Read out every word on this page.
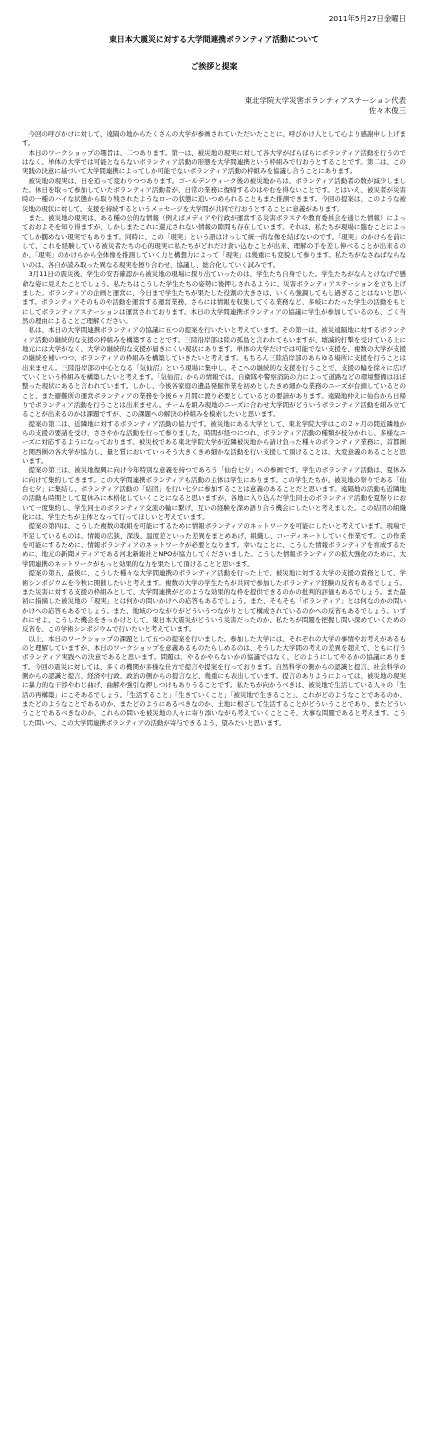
2011年5月27日金曜日
東日本大震災に対する大学間連携ボランティア活動について
ご挨拶と提案
東北学院大学災害ボランティアステーション代表
佐々木俊三

今回の呼びかけに対して、遠隔の地からたくさんの大学が参画されていただいたことに、呼びかけ人として心より感謝申し上げます。

本日のワークショップの趣旨は、二つあります。第一は、被災地の現実に対して各大学がばらばらにボランティア活動を行うのではなく、単体の大学では可能とならないボランティア活動の形態を大学間連携という枠組みで行おうとすることです。第二は、この実践の決意に基づいて大学間連携によってしか可能でないボランティア活動の枠組みを協議し合うことにあります。

被災地の現実は、日を追って変わりつつあります。ゴールデンウィーク後の被災地からは、ボランティア活動者の数が減少しました。休日を取って参加していたボランティア活動者が、日常の業務に復帰するのはやむを得ないことです。とはいえ、被災者が災害時の一種のハイな状態から取り残されたようなローの状態に追いつめられることもまた推測できます。今回の提案は、このような被災地の現状に対して、支援を持続するというメッセージを大学間が共同で行おうとすることに意義があります。

また、被災地の現実は、ある種の公的な情報（例えばメディアや行政が運営する災害ボラステや教育委員会を通じた情報）によっておおよそを知り得ますが、しかしまたこれに還元されない情報の隙間も存在しています。それは、私たちが現場に臨むことによってしか擱めない現実でもあります。同時に、この「現実」という語はけっして統一的な像を結ばないのです。「現実」のかけらを前にして、これを経験している被災者たちの心的現実に私たちがどれだけ食い込むことが出来、理解の手を差し伸べることが出来るのか、「現実」のかけらから全体像を推測していく力と構想力によって「現実」は幾重にも変貌して参ります。私たちがなさねばならないのは、各自が読み取った異なる現実を擦り合わせ、協議し、総合化していく試みです。

3月11日の震災後、学生の安否確認から被災地の現場に探り出ていったのは、学生たち自身でした。学生たちがなんとけなげで懸命な姿に見えたことでしょう。私たちはこうした学生たちの姿勢に後押しされるように、災害ボランティアステーションを立ち上げました。ボランティアの企画と運営に、今日まで学生たちが果たした役割の大きさは、いくら強調してもし過ぎることはないと思います。ボランティアそのものや活動を運営する運営業務、さらには情報を収集してくる業務など、多岐にわたった学生の活動をもとにしてボランティアステーションは運営されております。本日の大学間連携ボランティアの協議に学生が参加しているのも、ごく当然の理由によることご理解ください。

私は、本日の大学間連携ボランティアの協議に五つの提案を行いたいと考えています。その第一は、被災遠隔地に対するボランティア活動の継続的な支援の枠組みを構築することです。三陸沿岸部は陸の孤島と言われてもいますが、壊滅的打撃を受けている上に地元には大学がなく、大学の継続的な支援が届きにくい現状にあります。単体の大学だけでは可能でない支援を、複数の大学が支援の継続を補いつつ、ボランティアの枠組みを構築していきたいと考えます。もちろん三陸沿岸部のあらゆる場所に支援を行うことは出来ません。三陸沿岸部の中心となる「気仙沼」という現場に集中し、そこへの継続的な支援を行うことで、支援の輪を徐々に広げていくという枠組みを構築したいと考えます。「気仙沼」からの情報では、自衛隊や警察消防の力によって道路などの環境整備はほぼ整った現状にあると言われています。しかし、今後各家庭の遺品発掘作業を初めとしたきめ細かな業務のニーズが台頭しているとのこと、また避難所の運営ボランティアの業務を今後６ヶ月間に渡り必要としているとの要請があります。遠隔地仲えに仙台から日帰りでボランティア活動を行うことは出来ません。チームを組み現地のニーズに合わせ大学間がどういうボランティア活動を組み立てることが出来るのかは課題ですが、この課題への解決の枠組みを模索したいと思います。

提案の第二は、近隣地に対するボランティア活動の協力です。被災地にある大学として、東北学院大学はこの２ヶ月の間近隣地からの支援の要請を受け、ささやかな活動を行って参りました。時間が経つにつれ、ボランティア活動の種類が枝分かれし、多様なニーズに対応するようになっております。被災校である東北学院大学が近隣被災地から請け負った種々のボランティア業務に、首都圏と関西圏の各大学が協力し、量と質においていっそう大きくきめ細かな活動を行い支援して頂けることは、大変意義のあることと思います。

提案の第三は、被災地復興に向け今年特別な意義を持つであろう「仙台七夕」への参画です。学生のボランティア活動は、夏休みに向けて集約してきます。この大学間連携ボランティアも活動の主体は学生にあります。この学生たちが、被災地の祭りである「仙台七夕」に集結し、ボランティア活動の「結団」を行い七夕に参加することは意義のあることだと思います。遠隔地の活動も近隣地の活動も時期として夏休みに本格化していくことになると思いますが、各地に入り込んだ学生同士のボランティア活動を夏祭りにおいて一度集約し、学生同士のボランティア交流の輪に繋げ、互いの経験を深め語り合う機会にしたいと考えました。この結団の組織化には、学生たちが主体となって行ってほしいと考えています。

提案の第四は、こうした複数の取組を可能にするために情報ボランティアのネットワークを可能にしたいと考えています。現場で不足しているものは、情報の広狭、深浅、温度差といった差異をまとめあげ、組織し、コーディネートしていく作業です。この作業を可能にするために、情報ボランティアのネットワークが必要となります。幸いなことに、こうした情報ボランティアを育成するために、地元の新聞メディアである河北新報社とNPOが協力してくださいました。こうした情報ボランティアの拡大強化のために、大学間連携のネットワークがもっと効果的な力を果たして頂けることと思います。

提案の第五、最後に、こうした種々な大学間連携のボランティア活動を行った上で、被災地に対する大学の支援の責務として、学術シンポジウムを今秋に開催したいと考えます。複数の大学の学生たちが共同で参加したボランティア経験の反省もあるでしょう。また災害に対する支援の枠組みとして、大学間連携がどのような効果的な枠を提供できるのかの批判的評価もあるでしょう。また最初に指摘した被災地の「現実」とは何かの問いかけへの応答もあるでしょう。また、そもそも「ボランティア」とは何なのかの問いかけへの応答もあるでしょう。また、地域のつながりがどういうつながりとして構成されているのかへの反省もあるでしょう。いずれにせよ、こうした機会をきっかけとして、東日本大震災がどういう災害だったのか、私たちが問題を把握し問い深めていくための反省を、この学術シンポジウムで行いたいと考えています。

以上、本日のワークショップの課題として五つの提案を行いました。参加した大学には、それぞれの大学の事情やお考えがあるものと理解していますが、本日のワークショップを意義あるものたらしめるのは、そうした大学間の考えの差異を超えて、ともに行うボランティア実践への決意であると思います。問題は、やるかやらないかの協議ではなく、どのようにしてやるかの協議にあります。今回の震災に対しては、多くの機関が多様な仕方で提言や提案を行っております。自然科学の側からの認識と提言、社会科学の側からの認識と提言、経済や行政、政治の側からの提言など、幾重にも表出しています。提言のありようによっては、被災地の現実に暴力的な干渉やわじ曲げ、曲解や強引な押しつけもありうることです。私たちが向かうべきは、被災地で生活している人々の「生活の再構築」にこそあるでしょう。「生活すること」「生きていくこと」「被災地で生きること」、これがどのようなことであるのか、またどのようなことであるのか、またどのようにあるべきなのか、土地に根ざして生活することがどういうことであり、またどういうことであるべきなのか、これらの問いを被災地の人々に寄り添いながら考えていくことこそ、大事な問題であると考えます。こうした問いへ、この大学間連携ボランティアの活動が寄与できるよう、望みたいと思います。
